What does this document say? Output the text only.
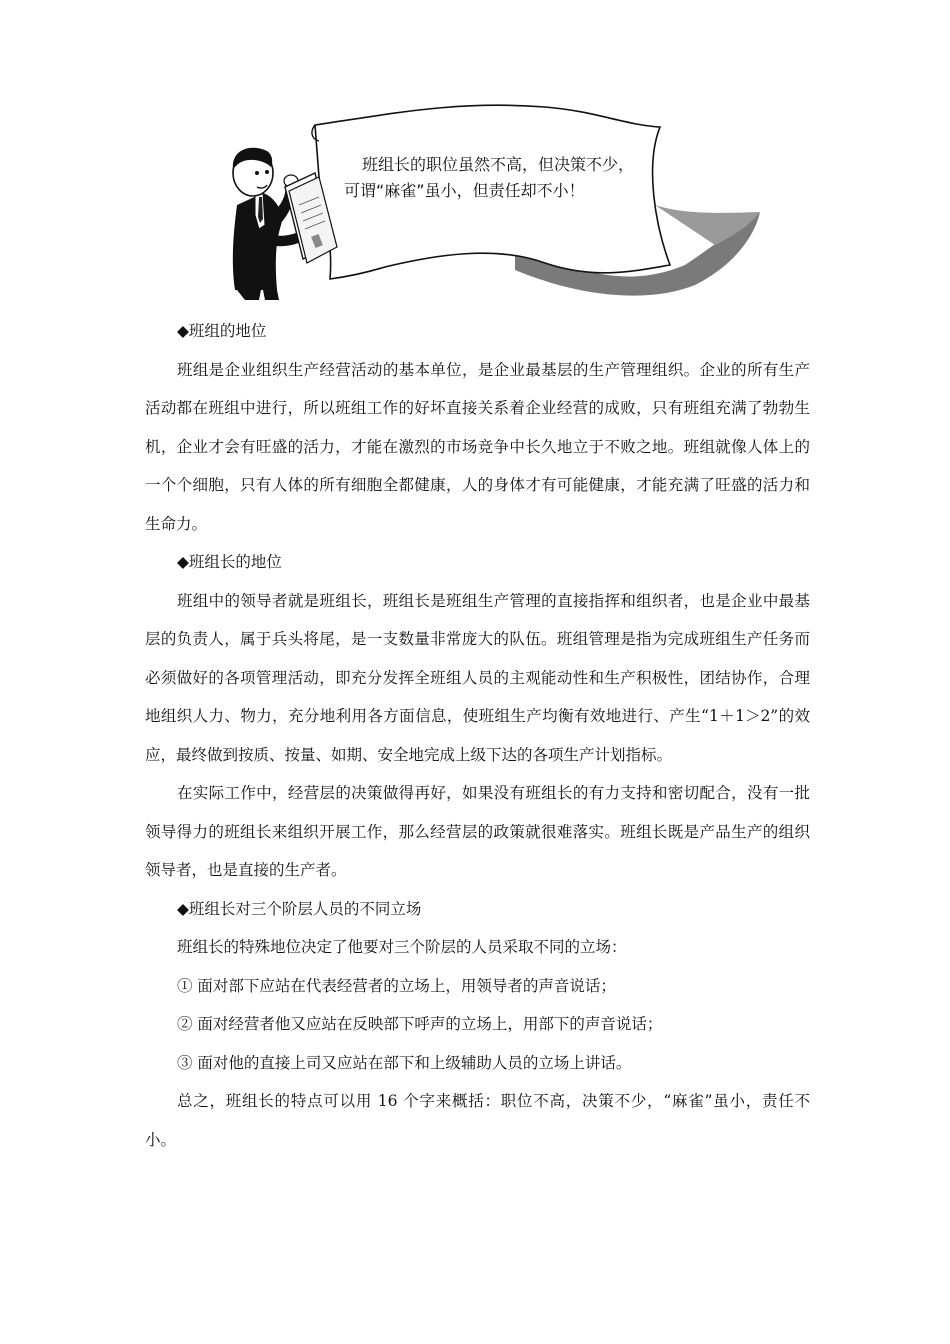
班组长的职位虽然不高，但决策不少，
可谓“麻雀”虽小，但责任却不小！

◆班组的地位

班组是企业组织生产经营活动的基本单位，是企业最基层的生产管理组织。企业的所有生产活动都在班组中进行，所以班组工作的好坏直接关系着企业经营的成败，只有班组充满了勃勃生机，企业才会有旺盛的活力，才能在激烈的市场竞争中长久地立于不败之地。班组就像人体上的一个个细胞，只有人体的所有细胞全都健康，人的身体才有可能健康，才能充满了旺盛的活力和生命力。

◆班组长的地位

班组中的领导者就是班组长，班组长是班组生产管理的直接指挥和组织者，也是企业中最基层的负责人，属于兵头将尾，是一支数量非常庞大的队伍。班组管理是指为完成班组生产任务而必须做好的各项管理活动，即充分发挥全班组人员的主观能动性和生产积极性，团结协作，合理地组织人力、物力，充分地利用各方面信息，使班组生产均衡有效地进行、产生“1＋1＞2”的效应，最终做到按质、按量、如期、安全地完成上级下达的各项生产计划指标。

在实际工作中，经营层的决策做得再好，如果没有班组长的有力支持和密切配合，没有一批领导得力的班组长来组织开展工作，那么经营层的政策就很难落实。班组长既是产品生产的组织领导者，也是直接的生产者。

◆班组长对三个阶层人员的不同立场

班组长的特殊地位决定了他要对三个阶层的人员采取不同的立场：

① 面对部下应站在代表经营者的立场上，用领导者的声音说话；

② 面对经营者他又应站在反映部下呼声的立场上，用部下的声音说话；

③ 面对他的直接上司又应站在部下和上级辅助人员的立场上讲话。

总之，班组长的特点可以用 16 个字来概括：职位不高，决策不少，“麻雀”虽小，责任不小。
